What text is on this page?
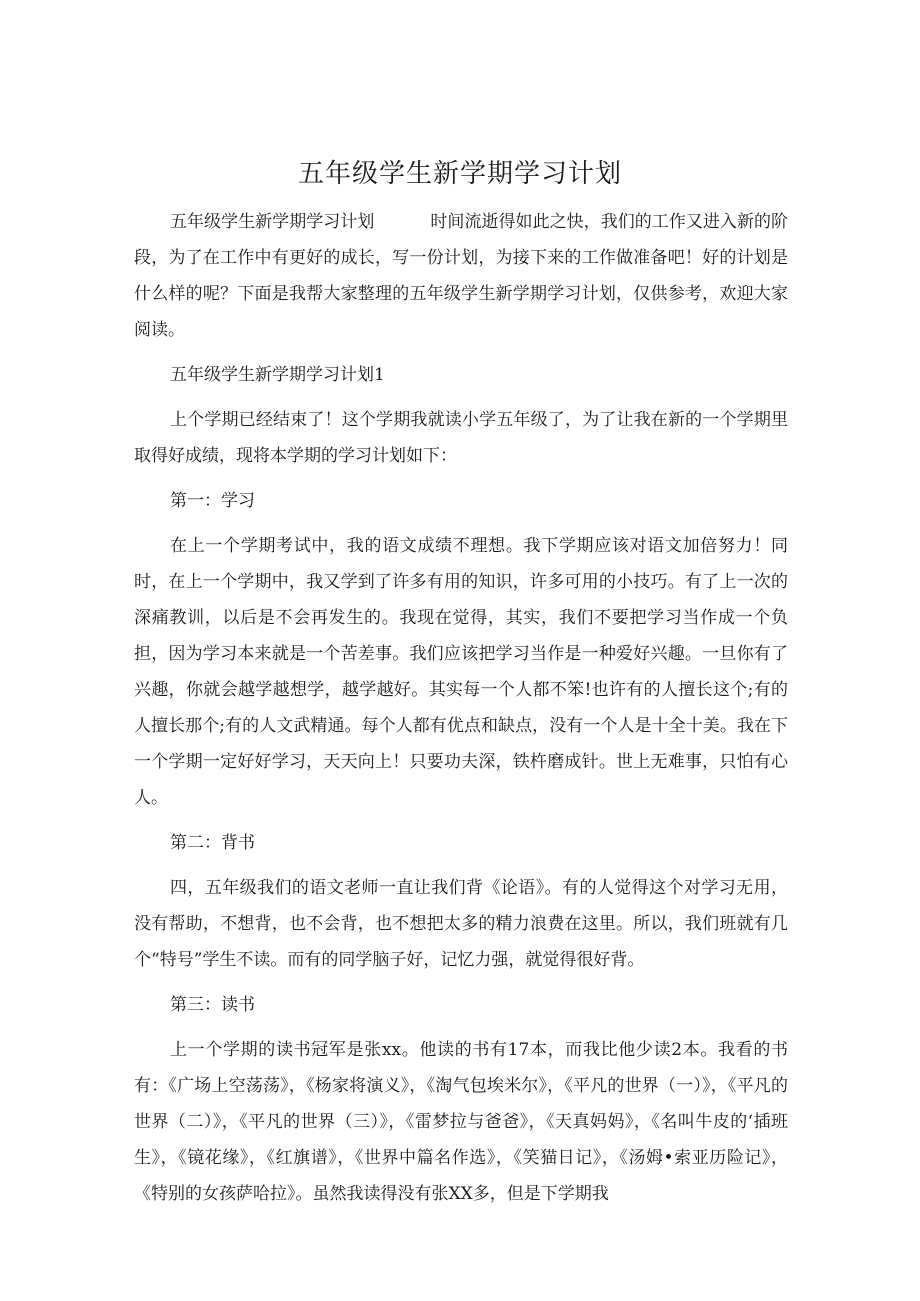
五年级学生新学期学习计划

五年级学生新学期学习计划	时间流逝得如此之快，我们的工作又进入新的阶段，为了在工作中有更好的成长，写一份计划，为接下来的工作做准备吧！好的计划是什么样的呢？下面是我帮大家整理的五年级学生新学期学习计划，仅供参考，欢迎大家阅读。

五年级学生新学期学习计划1

上个学期已经结束了！这个学期我就读小学五年级了，为了让我在新的一个学期里取得好成绩，现将本学期的学习计划如下：

第一：学习

在上一个学期考试中，我的语文成绩不理想。我下学期应该对语文加倍努力！同时，在上一个学期中，我又学到了许多有用的知识，许多可用的小技巧。有了上一次的深痛教训，以后是不会再发生的。我现在觉得，其实，我们不要把学习当作成一个负担，因为学习本来就是一个苦差事。我们应该把学习当作是一种爱好兴趣。一旦你有了兴趣，你就会越学越想学，越学越好。其实每一个人都不笨!也许有的人擅长这个;有的人擅长那个;有的人文武精通。每个人都有优点和缺点，没有一个人是十全十美。我在下一个学期一定好好学习，天天向上！只要功夫深，铁杵磨成针。世上无难事，只怕有心人。

第二：背书

四，五年级我们的语文老师一直让我们背《论语》。有的人觉得这个对学习无用，没有帮助，不想背，也不会背，也不想把太多的精力浪费在这里。所以，我们班就有几个“特号”学生不读。而有的同学脑子好，记忆力强，就觉得很好背。

第三：读书

上一个学期的读书冠军是张xx。他读的书有17本，而我比他少读2本。我看的书有：《广场上空荡荡》，《杨家将演义》，《淘气包埃米尔》，《平凡的世界（一）》，《平凡的世界（二）》，《平凡的世界（三）》，《雷梦拉与爸爸》，《天真妈妈》，《名叫牛皮的‘插班生》，《镜花缘》，《红旗谱》，《世界中篇名作选》，《笑猫日记》，《汤姆•索亚历险记》，《特别的女孩萨哈拉》。虽然我读得没有张XX多，但是下学期我
